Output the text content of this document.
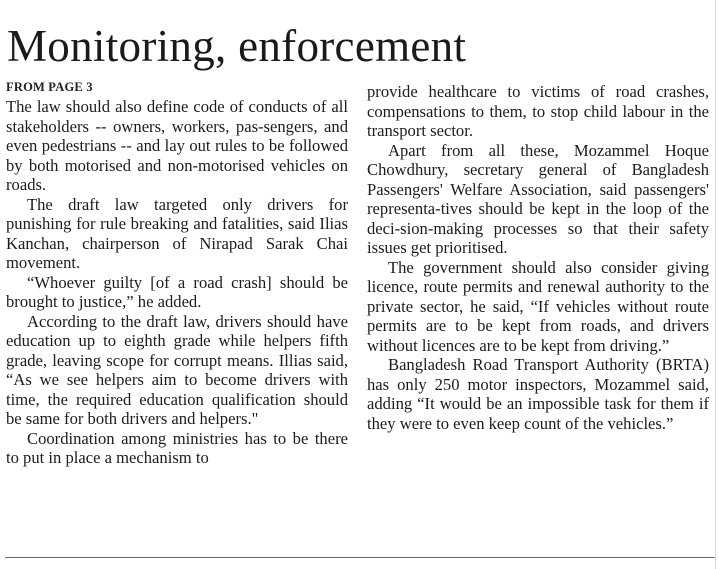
Monitoring, enforcement
FROM PAGE 3

The law should also define code of conducts of all stakeholders -- owners, workers, pas-sengers, and even pedestrians -- and lay out rules to be followed by both motorised and non-motorised vehicles on roads.

The draft law targeted only drivers for punishing for rule breaking and fatalities, said Ilias Kanchan, chairperson of Nirapad Sarak Chai movement.

“Whoever guilty [of a road crash] should be brought to justice,” he added.

According to the draft law, drivers should have education up to eighth grade while helpers fifth grade, leaving scope for corrupt means. Illias said, “As we see helpers aim to become drivers with time, the required education qualification should be same for both drivers and helpers."

Coordination among ministries has to be there to put in place a mechanism to

provide healthcare to victims of road crashes, compensations to them, to stop child labour in the transport sector.

Apart from all these, Mozammel Hoque Chowdhury, secretary general of Bangladesh Passengers' Welfare Association, said passengers' representa-tives should be kept in the loop of the deci-sion-making processes so that their safety issues get prioritised.

The government should also consider giving licence, route permits and renewal authority to the private sector, he said, “If vehicles without route permits are to be kept from roads, and drivers without licences are to be kept from driving.”

Bangladesh Road Transport Authority (BRTA) has only 250 motor inspectors, Mozammel said, adding “It would be an impossible task for them if they were to even keep count of the vehicles.”
